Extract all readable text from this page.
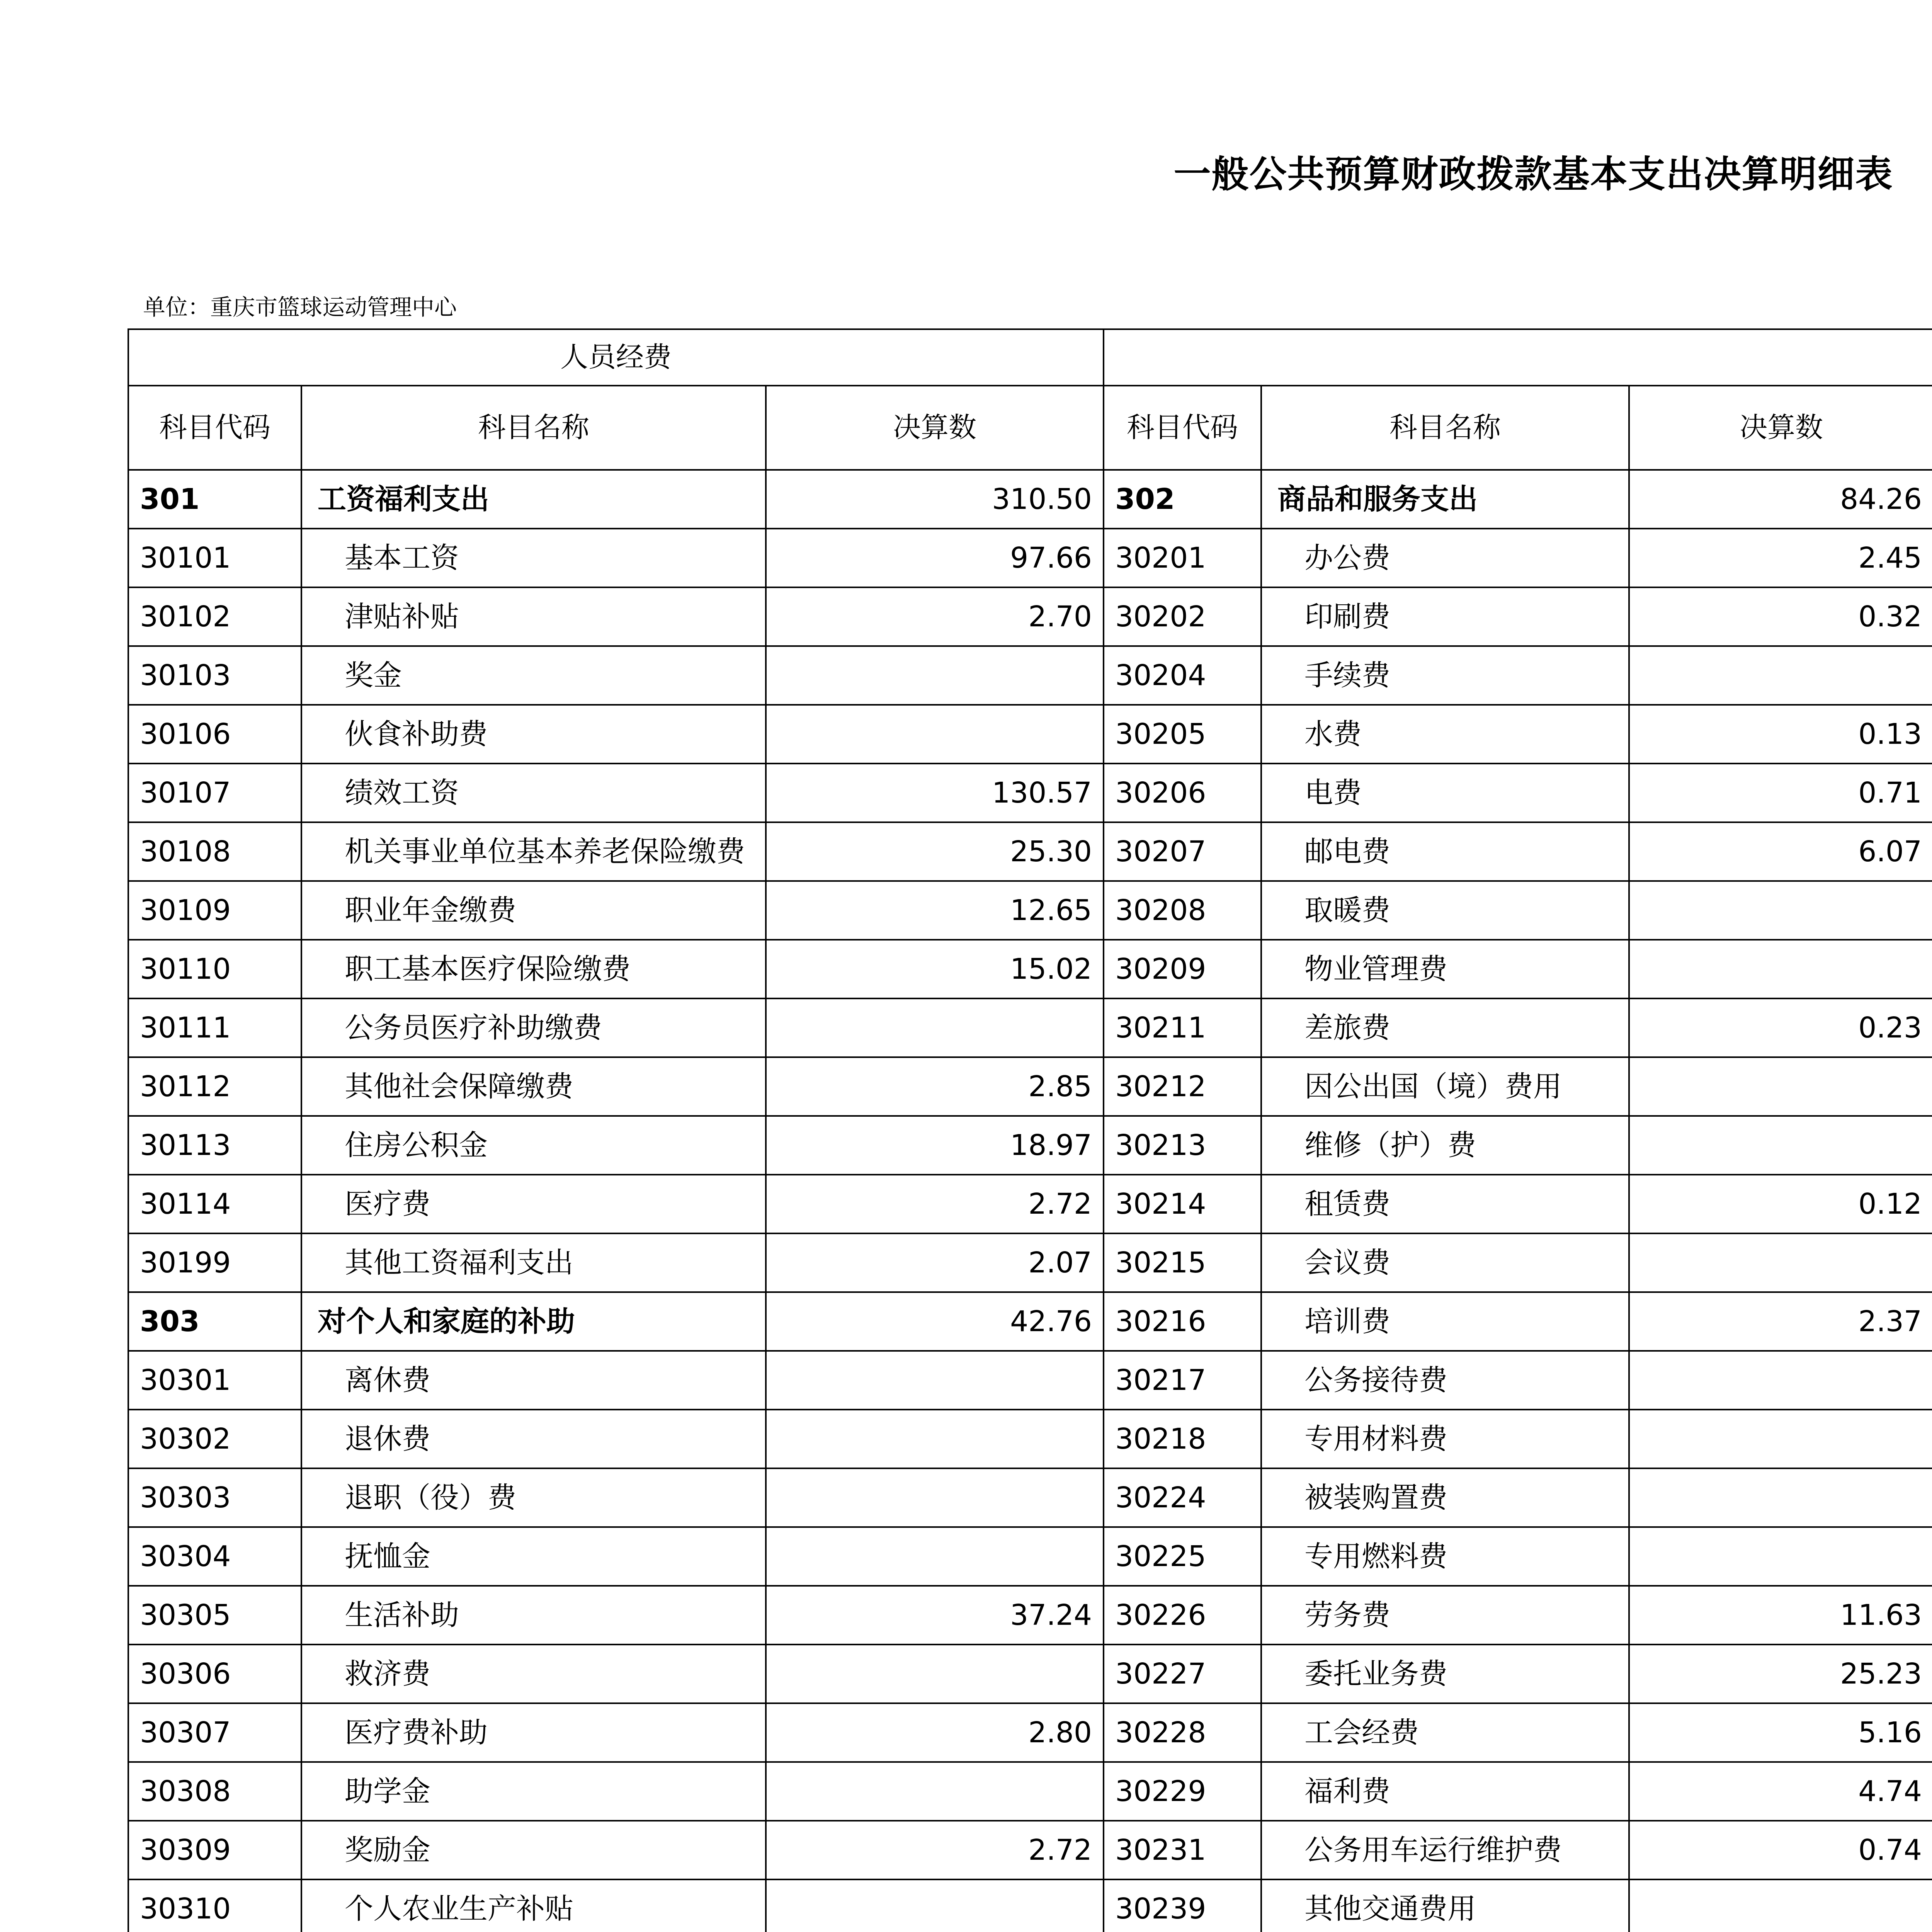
一般公共预算财政拨款基本支出决算明细表
单位：重庆市篮球运动管理中心
人员经费	
科目代码	科目名称	决算数	科目代码	科目名称	决算数			
301	工资福利支出	310.50	302	商品和服务支出	84.26			
30101	基本工资	97.66	30201	办公费	2.45			
30102	津贴补贴	2.70	30202	印刷费	0.32			
30103	奖金		30204	手续费				
30106	伙食补助费		30205	水费	0.13			
30107	绩效工资	130.57	30206	电费	0.71			
30108	机关事业单位基本养老保险缴费	25.30	30207	邮电费	6.07			
30109	职业年金缴费	12.65	30208	取暖费				
30110	职工基本医疗保险缴费	15.02	30209	物业管理费				
30111	公务员医疗补助缴费		30211	差旅费	0.23			
30112	其他社会保障缴费	2.85	30212	因公出国（境）费用				
30113	住房公积金	18.97	30213	维修（护）费				
30114	医疗费	2.72	30214	租赁费	0.12			
30199	其他工资福利支出	2.07	30215	会议费				
303	对个人和家庭的补助	42.76	30216	培训费	2.37			
30301	离休费		30217	公务接待费				
30302	退休费		30218	专用材料费				
30303	退职（役）费		30224	被装购置费				
30304	抚恤金		30225	专用燃料费				
30305	生活补助	37.24	30226	劳务费	11.63			
30306	救济费		30227	委托业务费	25.23			
30307	医疗费补助	2.80	30228	工会经费	5.16			
30308	助学金		30229	福利费	4.74			
30309	奖励金	2.72	30231	公务用车运行维护费	0.74			
30310	个人农业生产补贴		30239	其他交通费用				
